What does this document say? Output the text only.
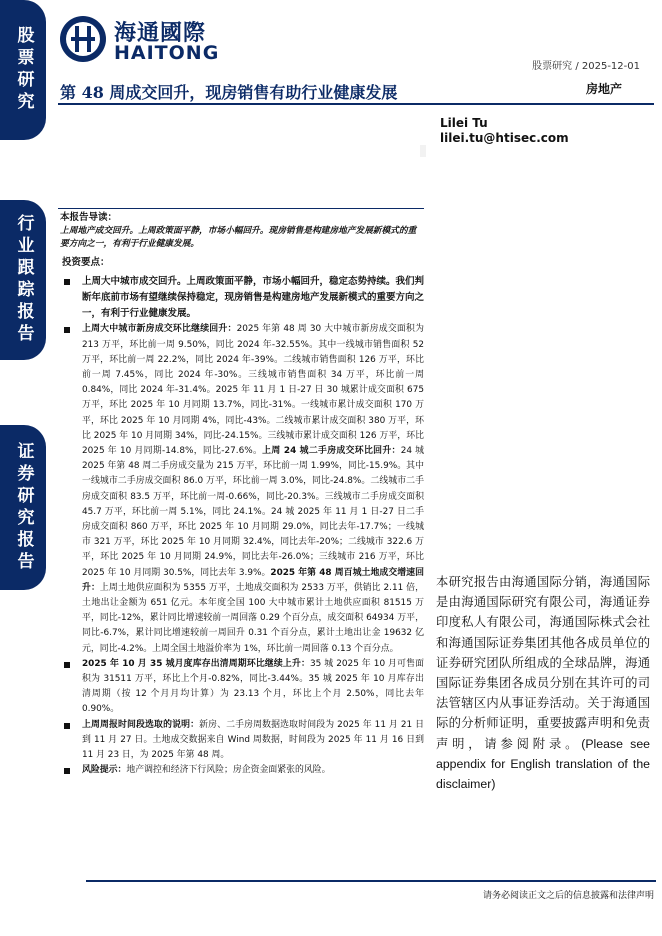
股票研究
行业跟踪报告
证券研究报告
海通國際
HAITONG
股票研究 / 2025-12-01
第 48 周成交回升，现房销售有助行业健康发展	房地产
Lilei Tu
lilei.tu@htisec.com
本报告导读：
上周地产成交回升。上周政策面平静，市场小幅回升。现房销售是构建房地产发展新模式的重要方向之一，有利于行业健康发展。
投资要点：
上周大中城市成交回升。上周政策面平静，市场小幅回升，稳定态势持续。我们判断年底前市场有望继续保持稳定，现房销售是构建房地产发展新模式的重要方向之一，有利于行业健康发展。
上周大中城市新房成交环比继续回升：2025 年第 48 周 30 大中城市新房成交面积为 213 万平，环比前一周 9.50%，同比 2024 年-32.55%。其中一线城市销售面积 52 万平，环比前一周 22.2%，同比 2024 年-39%。二线城市销售面积 126 万平，环比前一周 7.45%，同比 2024 年-30%。三线城市销售面积 34 万平，环比前一周 0.84%，同比 2024 年-31.4%。2025 年 11 月 1 日-27 日 30 城累计成交面积 675 万平，环比 2025 年 10 月同期 13.7%，同比-31%。一线城市累计成交面积 170 万平，环比 2025 年 10 月同期 4%，同比-43%。二线城市累计成交面积 380 万平，环比 2025 年 10 月同期 34%，同比-24.15%。三线城市累计成交面积 126 万平，环比 2025 年 10 月同期-14.8%，同比-27.6%。上周 24 城二手房成交环比回升：24 城 2025 年第 48 周二手房成交量为 215 万平，环比前一周 1.99%，同比-15.9%。其中一线城市二手房成交面积 86.0 万平，环比前一周 3.0%，同比-24.8%。二线城市二手房成交面积 83.5 万平，环比前一周-0.66%，同比-20.3%。三线城市二手房成交面积 45.7 万平，环比前一周 5.1%，同比 24.1%。24 城 2025 年 11 月 1 日-27 日二手房成交面积 860 万平，环比 2025 年 10 月同期 29.0%，同比去年-17.7%；一线城市 321 万平，环比 2025 年 10 月同期 32.4%，同比去年-20%；二线城市 322.6 万平，环比 2025 年 10 月同期 24.9%，同比去年-26.0%；三线城市 216 万平，环比 2025 年 10 月同期 30.5%，同比去年 3.9%。2025 年第 48 周百城土地成交增速回升：上周土地供应面积为 5355 万平，土地成交面积为 2533 万平，供销比 2.11 倍，土地出让金额为 651 亿元。本年度全国 100 大中城市累计土地供应面积 81515 万平，同比-12%，累计同比增速较前一周回落 0.29 个百分点，成交面积 64934 万平，同比-6.7%，累计同比增速较前一周回升 0.31 个百分点，累计土地出让金 19632 亿元，同比-4.2%。上周全国土地溢价率为 1%，环比前一周回落 0.13 个百分点。
2025 年 10 月 35 城月度库存出清周期环比继续上升：35 城 2025 年 10 月可售面积为 31511 万平，环比上个月-0.82%，同比-3.44%。35 城 2025 年 10 月库存出清周期（按 12 个月月均计算）为 23.13 个月，环比上个月 2.50%，同比去年 0.90%。
上周周报时间段选取的说明：新房、二手房周数据选取时间段为 2025 年 11 月 21 日到 11 月 27 日。土地成交数据来自 Wind 周数据，时间段为 2025 年 11 月 16 日到 11 月 23 日，为 2025 年第 48 周。
风险提示：地产调控和经济下行风险；房企资金面紧张的风险。
本研究报告由海通国际分销，海通国际是由海通国际研究有限公司，海通证券印度私人有限公司，海通国际株式会社和海通国际证券集团其他各成员单位的证券研究团队所组成的全球品牌，海通国际证券集团各成员分别在其许可的司法管辖区内从事证券活动。关于海通国际的分析师证明，重要披露声明和免责声明，请参阅附录。(Please see appendix for English translation of the disclaimer)
请务必阅读正文之后的信息披露和法律声明
